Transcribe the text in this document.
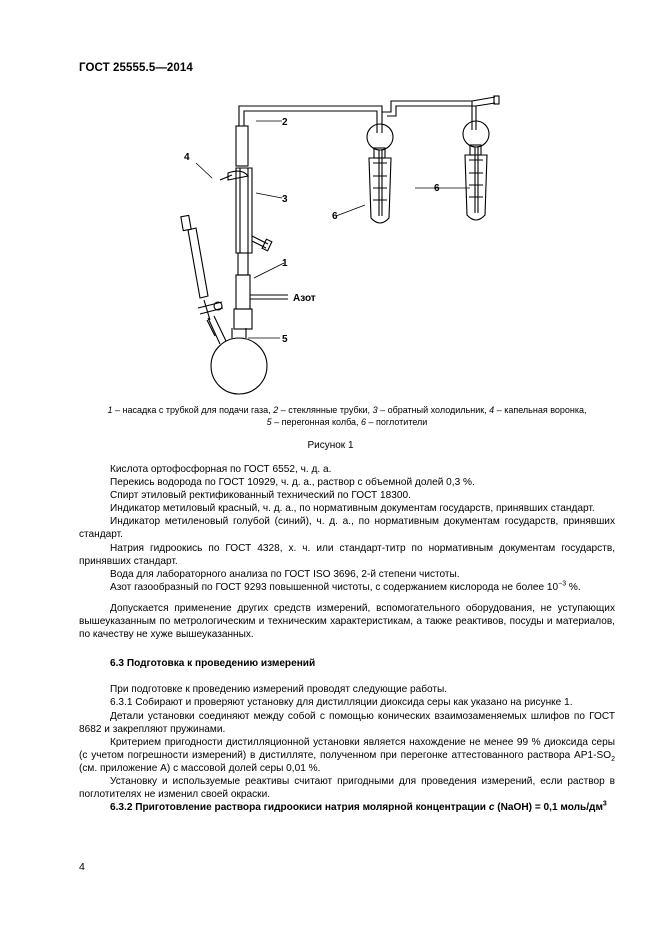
ГОСТ 25555.5—2014
2
4
3
1
Азот
5
6
6
1 – насадка с трубкой для подачи газа, 2 – стеклянные трубки, 3 – обратный холодильник, 4 – капельная воронка,
5 – перегонная колба, 6 – поглотители
Рисунок 1

Кислота ортофосфорная по ГОСТ 6552, ч. д. а.

Перекись водорода по ГОСТ 10929, ч. д. а., раствор с объемной долей 0,3 %.

Спирт этиловый ректификованный технический по ГОСТ 18300.

Индикатор метиловый красный, ч. д. а., по нормативным документам государств, принявших стандарт.

Индикатор метиленовый голубой (синий), ч. д. а., по нормативным документам государств, принявших стандарт.

Натрия гидроокись по ГОСТ 4328, х. ч. или стандарт-титр по нормативным документам государств, принявших стандарт.

Вода для лабораторного анализа по ГОСТ ISO 3696, 2-й степени чистоты.

Азот газообразный по ГОСТ 9293 повышенной чистоты, с содержанием кислорода не более $10^{-3}$ %.

Допускается применение других средств измерений, вспомогательного оборудования, не уступающих вышеуказанным по метрологическим и техническим характеристикам, а также реактивов, посуды и материалов, по качеству не хуже вышеуказанных.

6.3 Подготовка к проведению измерений

При подготовке к проведению измерений проводят следующие работы.

6.3.1 Собирают и проверяют установку для дистилляции диоксида серы как указано на рисунке 1.

Детали установки соединяют между собой с помощью конических взаимозаменяемых шлифов по ГОСТ 8682 и закрепляют пружинами.

Критерием пригодности дистилляционной установки является нахождение не менее 99 % диоксида серы (с учетом погрешности измерений) в дистилляте, полученном при перегонке аттестованного раствора $АР1-SO_2$ (см. приложение А) с массовой долей серы 0,01 %.

Установку и используемые реактивы считают пригодными для проведения измерений, если раствор в поглотителях не изменил своей окраски.

6.3.2 Приготовление раствора гидроокиси натрия молярной концентрации с (NaOH) = 0,1 моль/$дм^3$

4
